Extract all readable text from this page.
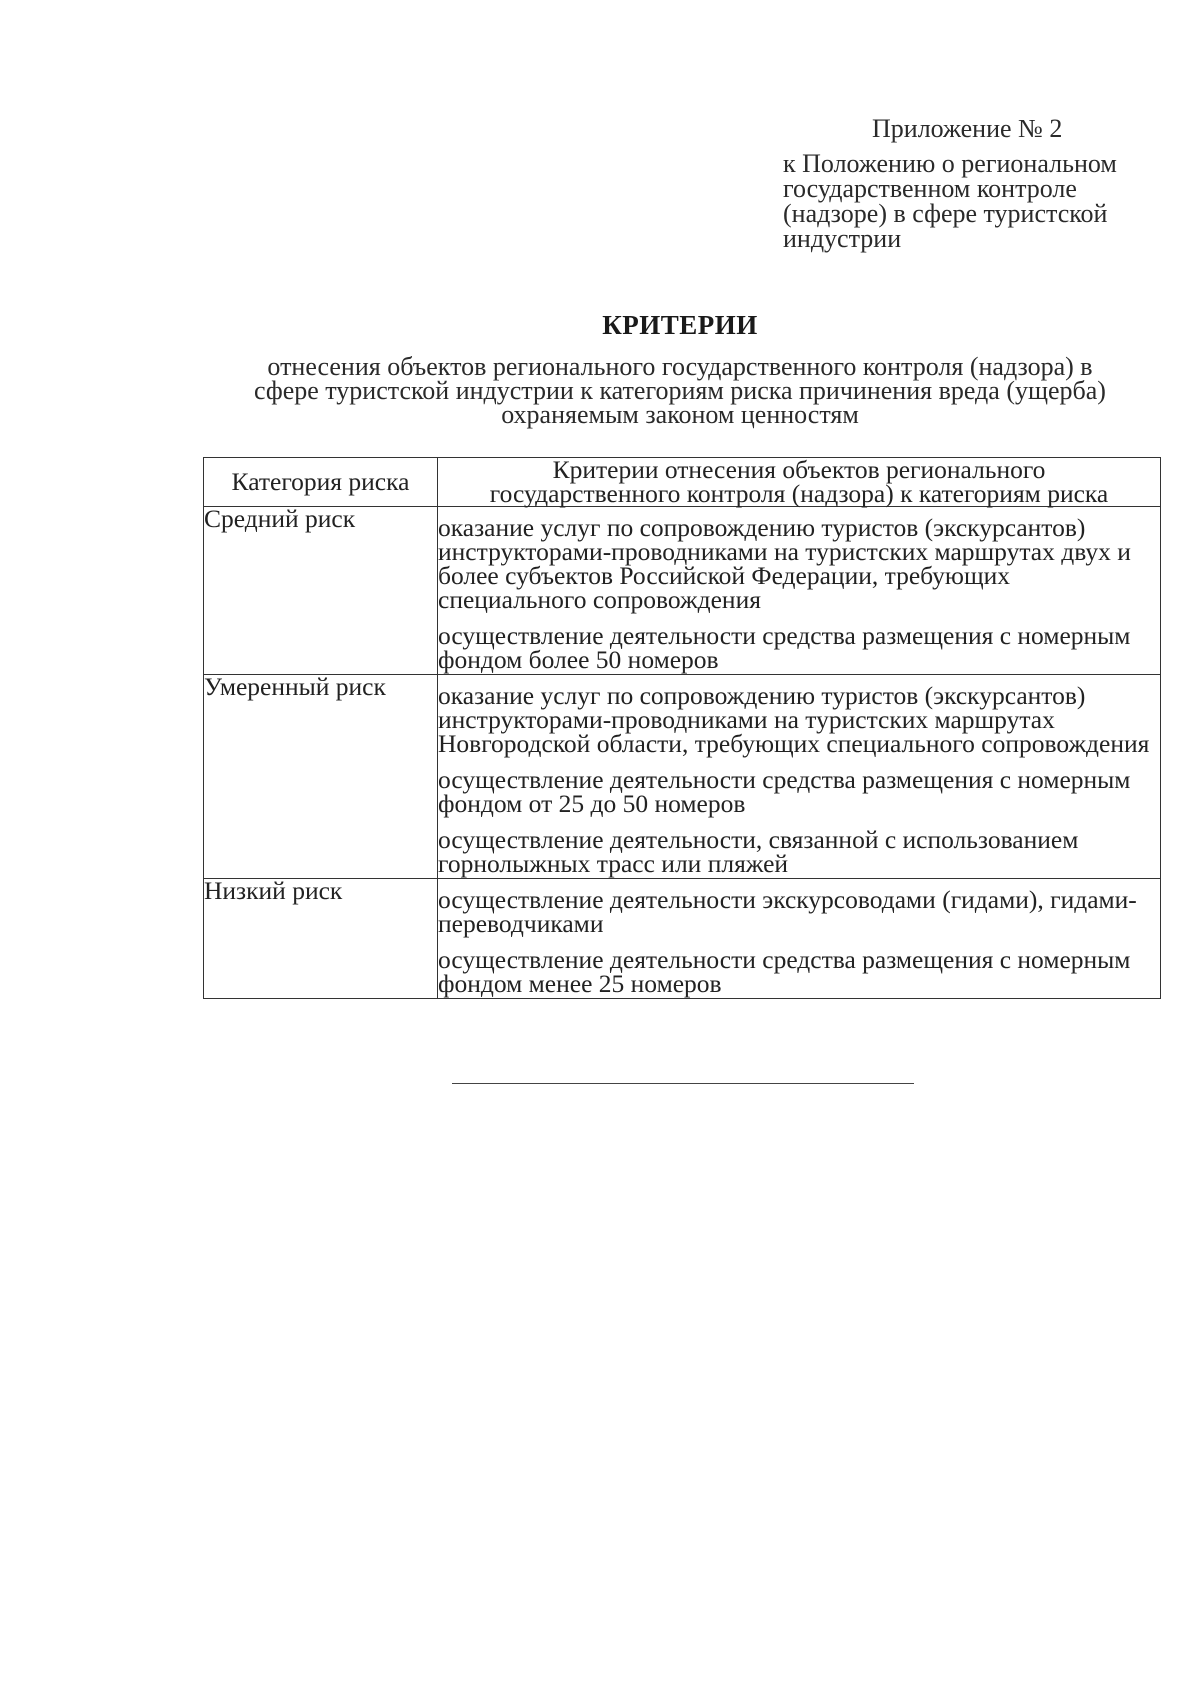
Приложение № 2
к Положению о региональном
государственном контроле
(надзоре) в сфере туристской
индустрии
КРИТЕРИИ
отнесения объектов регионального государственного контроля (надзора) в
сфере туристской индустрии к категориям риска причинения вреда (ущерба)
охраняемым законом ценностям
Категория риска	Критерии отнесения объектов регионального
государственного контроля (надзора) к категориям риска

Средний риск	оказание услуг по сопровождению туристов (экскурсантов) инструкторами-проводниками на туристских маршрутах двух и более субъектов Российской Федерации, требующих специального сопровождения
осуществление деятельности средства размещения с номерным фондом более 50 номеров

Умеренный риск	оказание услуг по сопровождению туристов (экскурсантов) инструкторами-проводниками на туристских маршрутах Новгородской области, требующих специального сопровождения
осуществление деятельности средства размещения с номерным фондом от 25 до 50 номеров
осуществление деятельности, связанной с использованием горнолыжных трасс или пляжей

Низкий риск	осуществление деятельности экскурсоводами (гидами), гидами-переводчиками
осуществление деятельности средства размещения с номерным фондом менее 25 номеров
